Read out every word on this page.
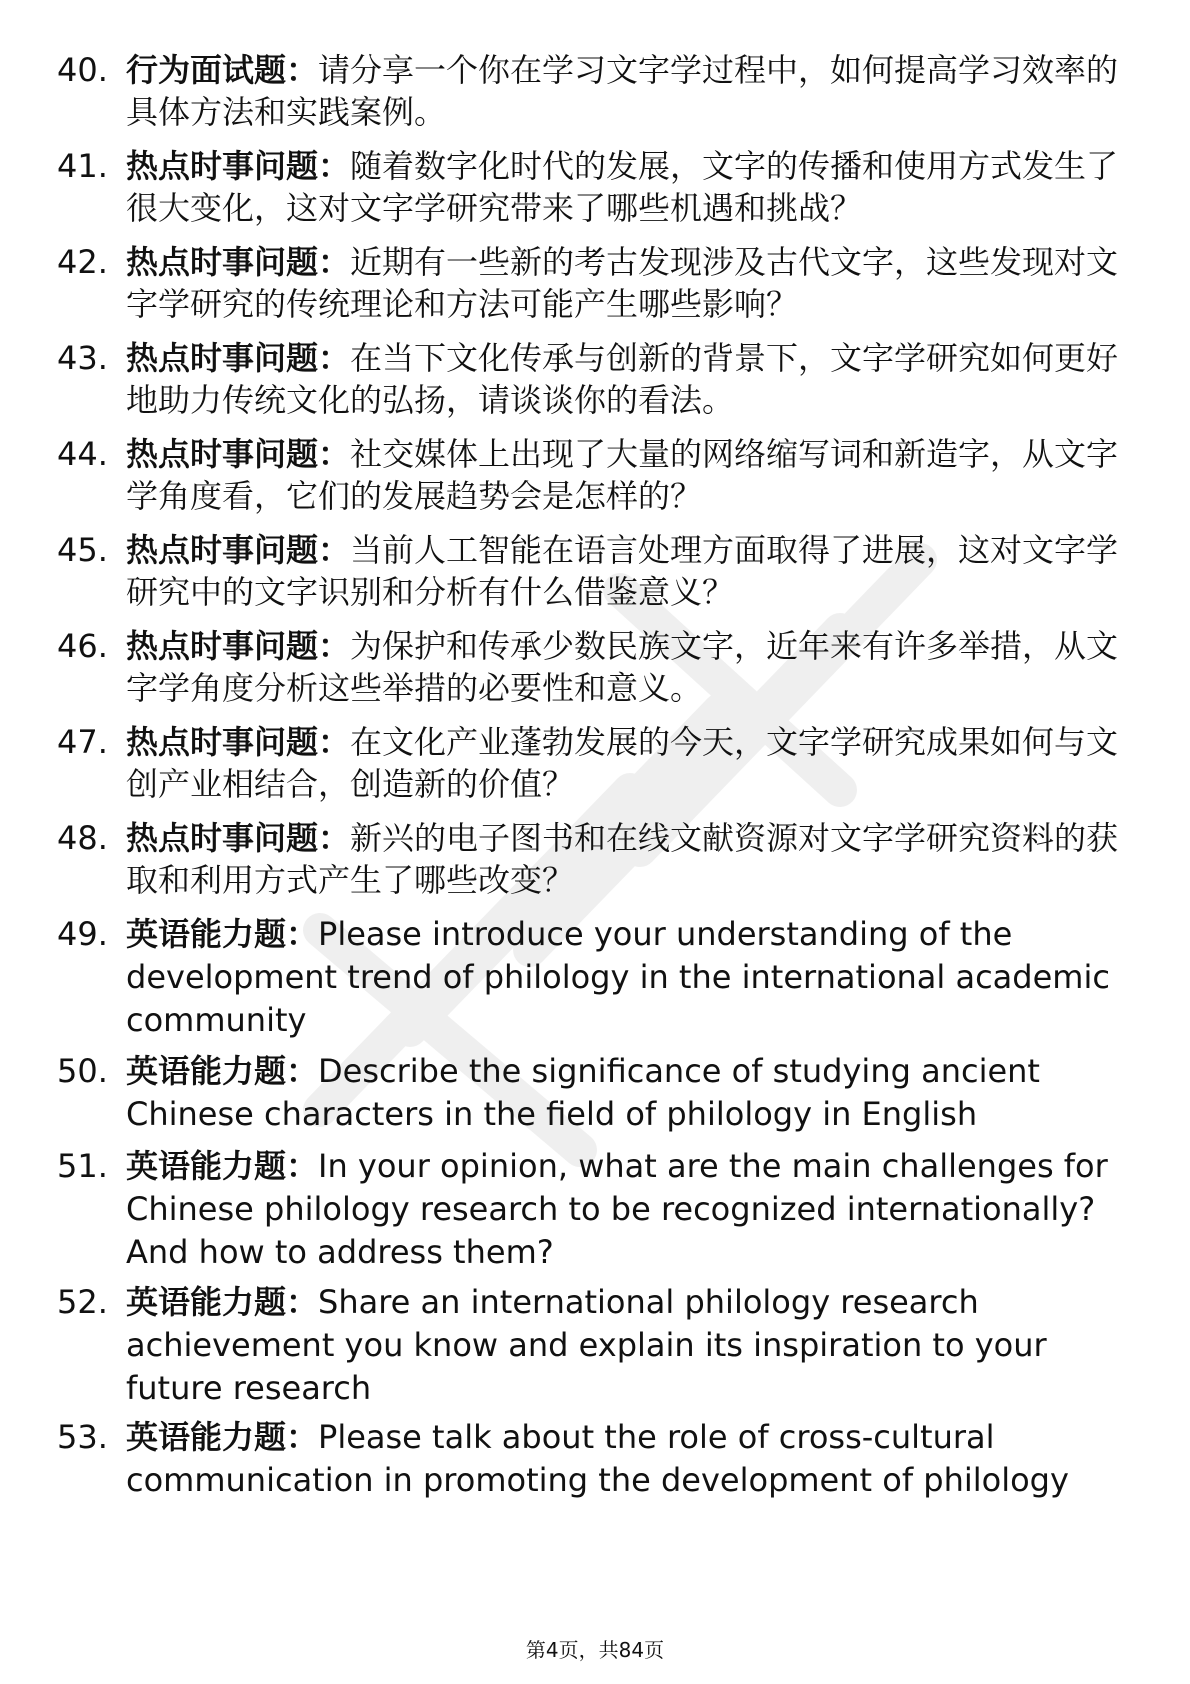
40. 行为面试题：请分享一个你在学习文字学过程中，如何提高学习效率的具体方法和实践案例。
41. 热点时事问题：随着数字化时代的发展，文字的传播和使用方式发生了很大变化，这对文字学研究带来了哪些机遇和挑战？
42. 热点时事问题：近期有一些新的考古发现涉及古代文字，这些发现对文字学研究的传统理论和方法可能产生哪些影响？
43. 热点时事问题：在当下文化传承与创新的背景下，文字学研究如何更好地助力传统文化的弘扬，请谈谈你的看法。
44. 热点时事问题：社交媒体上出现了大量的网络缩写词和新造字，从文字学角度看，它们的发展趋势会是怎样的？
45. 热点时事问题：当前人工智能在语言处理方面取得了进展，这对文字学研究中的文字识别和分析有什么借鉴意义？
46. 热点时事问题：为保护和传承少数民族文字，近年来有许多举措，从文字学角度分析这些举措的必要性和意义。
47. 热点时事问题：在文化产业蓬勃发展的今天，文字学研究成果如何与文创产业相结合，创造新的价值？
48. 热点时事问题：新兴的电子图书和在线文献资源对文字学研究资料的获取和利用方式产生了哪些改变？
49. 英语能力题：Please introduce your understanding of the development trend of philology in the international academic community
50. 英语能力题：Describe the significance of studying ancient Chinese characters in the field of philology in English
51. 英语能力题：In your opinion, what are the main challenges for Chinese philology research to be recognized internationally? And how to address them?
52. 英语能力题：Share an international philology research achievement you know and explain its inspiration to your future research
53. 英语能力题：Please talk about the role of cross-cultural communication in promoting the development of philology
第4页，共84页
